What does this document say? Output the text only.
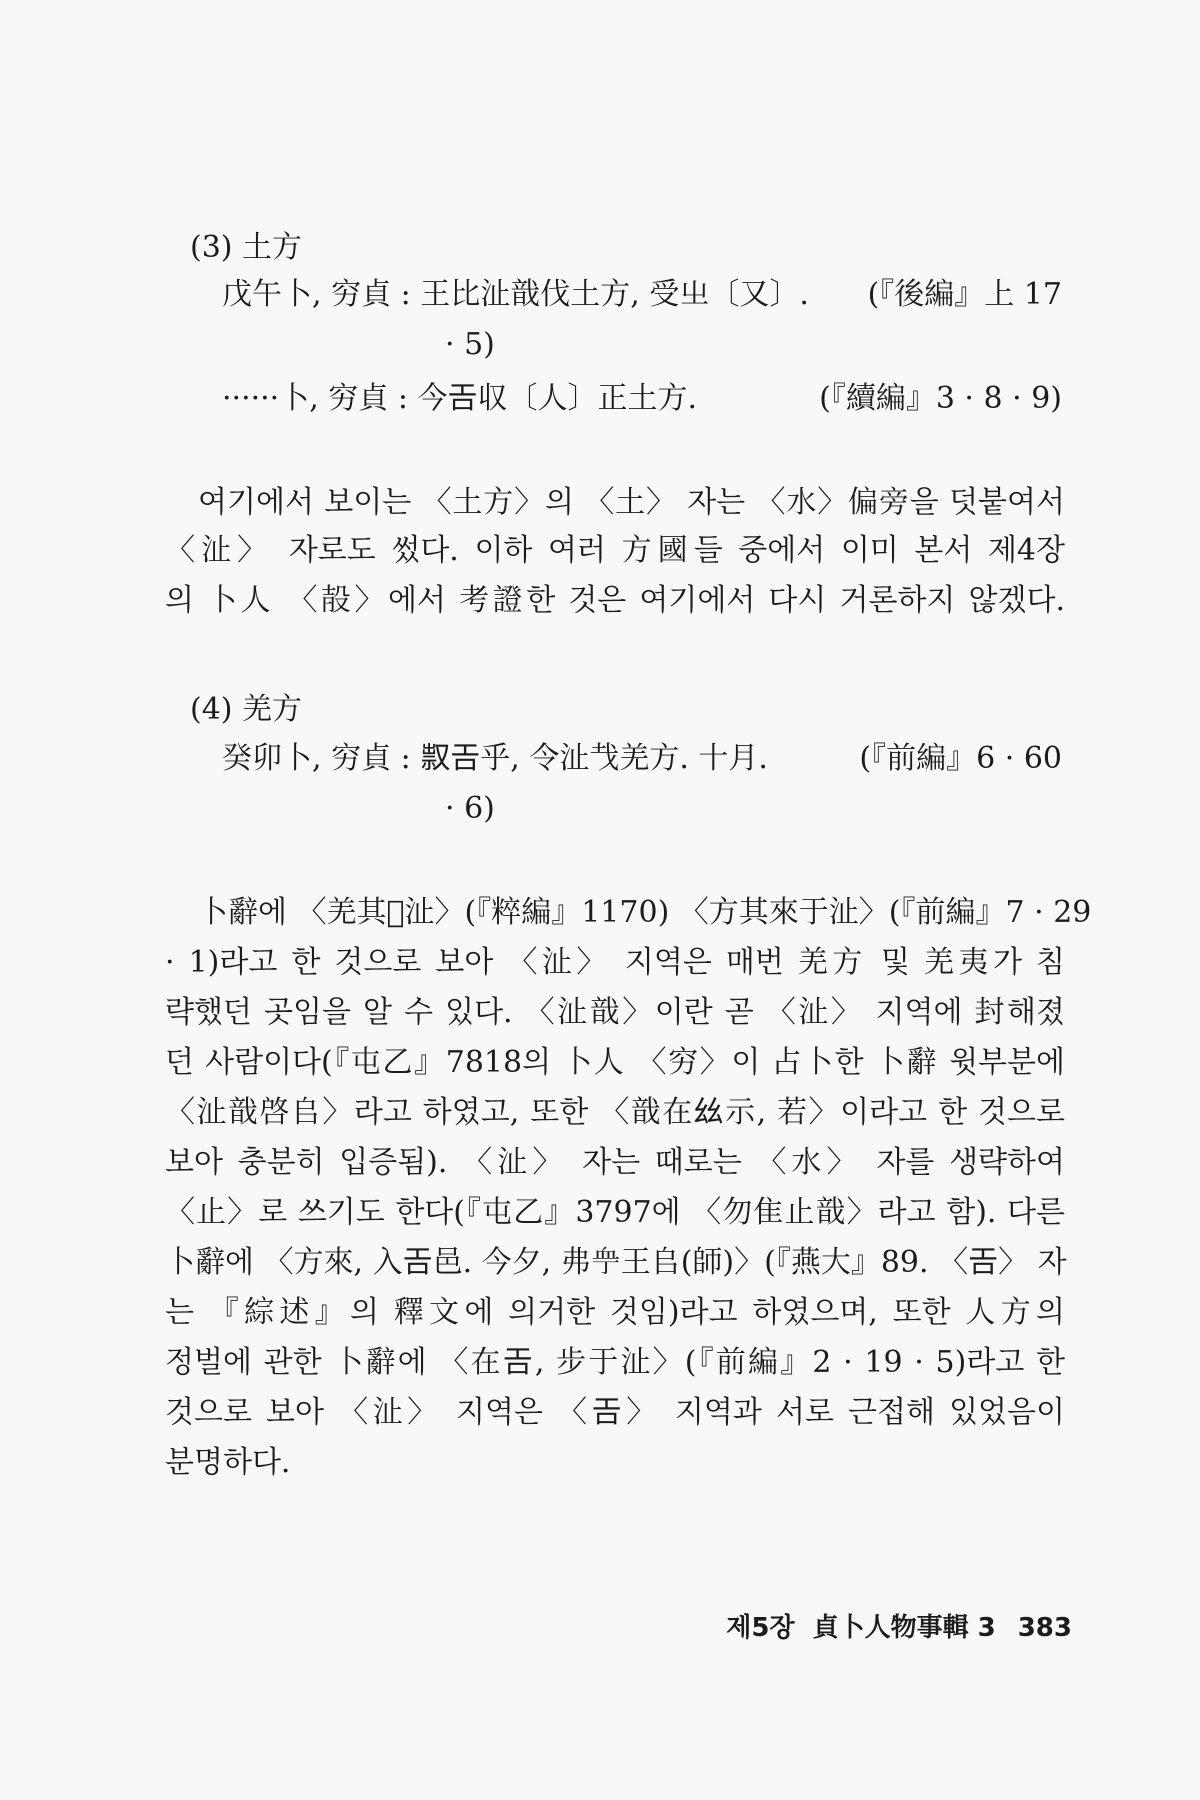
(3) 土方
戊午卜, 穷貞 : 王比沚戠伐土方, 受㞢〔又〕. (『後編』上 17
· 5)
······卜, 穷貞 : 今𢀛収〔人〕正土方.	(『續編』3 · 8 · 9)
여기에서 보이는 〈土方〉의 〈土〉 자는 〈水〉偏旁을 덧붙여서
〈沚〉 자로도 썼다. 이하 여러 方國들 중에서 이미 본서 제4장
의 卜人 〈㱿〉에서 考證한 것은 여기에서 다시 거론하지 않겠다.
(4) 羌方
癸卯卜, 穷貞 : 𠭥𢀛乎, 令沚𢦏羌方. 十月.	(『前編』6 · 60
· 6)
卜辭에 〈羌其𡧊沚〉(『粹編』1170) 〈方其來于沚〉(『前編』7 · 29
· 1)라고 한 것으로 보아 〈沚〉 지역은 매번 羌方 및 羌夷가 침
략했던 곳임을 알 수 있다. 〈沚戠〉이란 곧 〈沚〉 지역에 封해졌
던 사람이다(『屯乙』7818의 卜人 〈穷〉이 占卜한 卜辭 윗부분에
〈沚戠啓𠂤〉라고 하였고, 또한 〈戠在𢆶示, 若〉이라고 한 것으로
보아 충분히 입증됨). 〈沚〉 자는 때로는 〈水〉 자를 생략하여
〈止〉로 쓰기도 한다(『屯乙』3797에 〈勿隹止戠〉라고 함). 다른
卜辭에 〈方來, 入𢀛邑. 今夕, 弗𧖧王𠂤(師)〉(『燕大』89. 〈𢀛〉 자
는 『綜述』의 釋文에 의거한 것임)라고 하였으며, 또한 人方의
정벌에 관한 卜辭에 〈在𢀛, 步于沚〉(『前編』2 · 19 · 5)라고 한
것으로 보아 〈沚〉 지역은 〈𢀛〉 지역과 서로 근접해 있었음이
분명하다.
제5장 貞卜人物事輯 3 383
